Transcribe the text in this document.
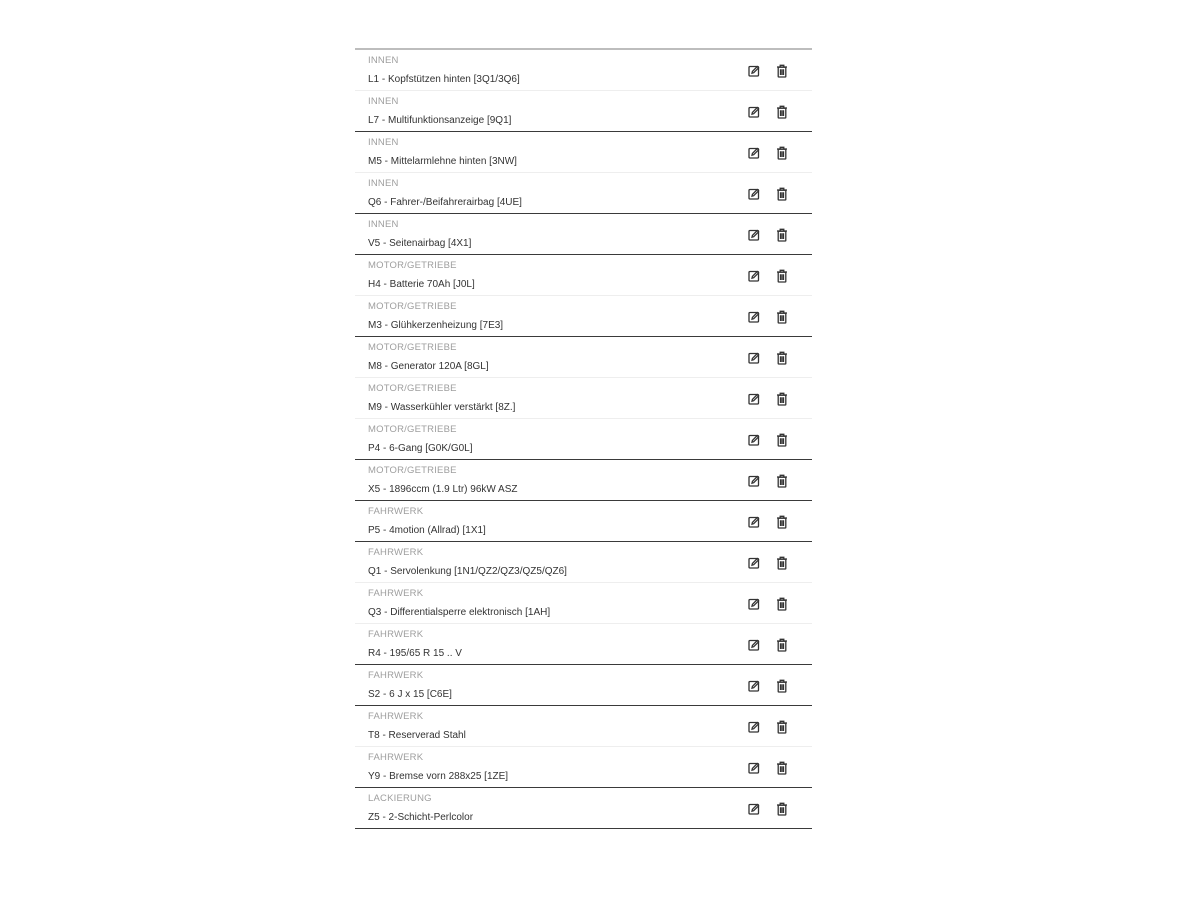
INNEN
L1 - Kopfstützen hinten [3Q1/3Q6]
INNEN
L7 - Multifunktionsanzeige [9Q1]
INNEN
M5 - Mittelarmlehne hinten [3NW]
INNEN
Q6 - Fahrer-/Beifahrerairbag [4UE]
INNEN
V5 - Seitenairbag [4X1]
MOTOR/GETRIEBE
H4 - Batterie 70Ah [J0L]
MOTOR/GETRIEBE
M3 - Glühkerzenheizung [7E3]
MOTOR/GETRIEBE
M8 - Generator 120A [8GL]
MOTOR/GETRIEBE
M9 - Wasserkühler verstärkt [8Z.]
MOTOR/GETRIEBE
P4 - 6-Gang [G0K/G0L]
MOTOR/GETRIEBE
X5 - 1896ccm (1.9 Ltr) 96kW ASZ
FAHRWERK
P5 - 4motion (Allrad) [1X1]
FAHRWERK
Q1 - Servolenkung [1N1/QZ2/QZ3/QZ5/QZ6]
FAHRWERK
Q3 - Differentialsperre elektronisch [1AH]
FAHRWERK
R4 - 195/65 R 15 .. V
FAHRWERK
S2 - 6 J x 15 [C6E]
FAHRWERK
T8 - Reserverad Stahl
FAHRWERK
Y9 - Bremse vorn 288x25 [1ZE]
LACKIERUNG
Z5 - 2-Schicht-Perlcolor
